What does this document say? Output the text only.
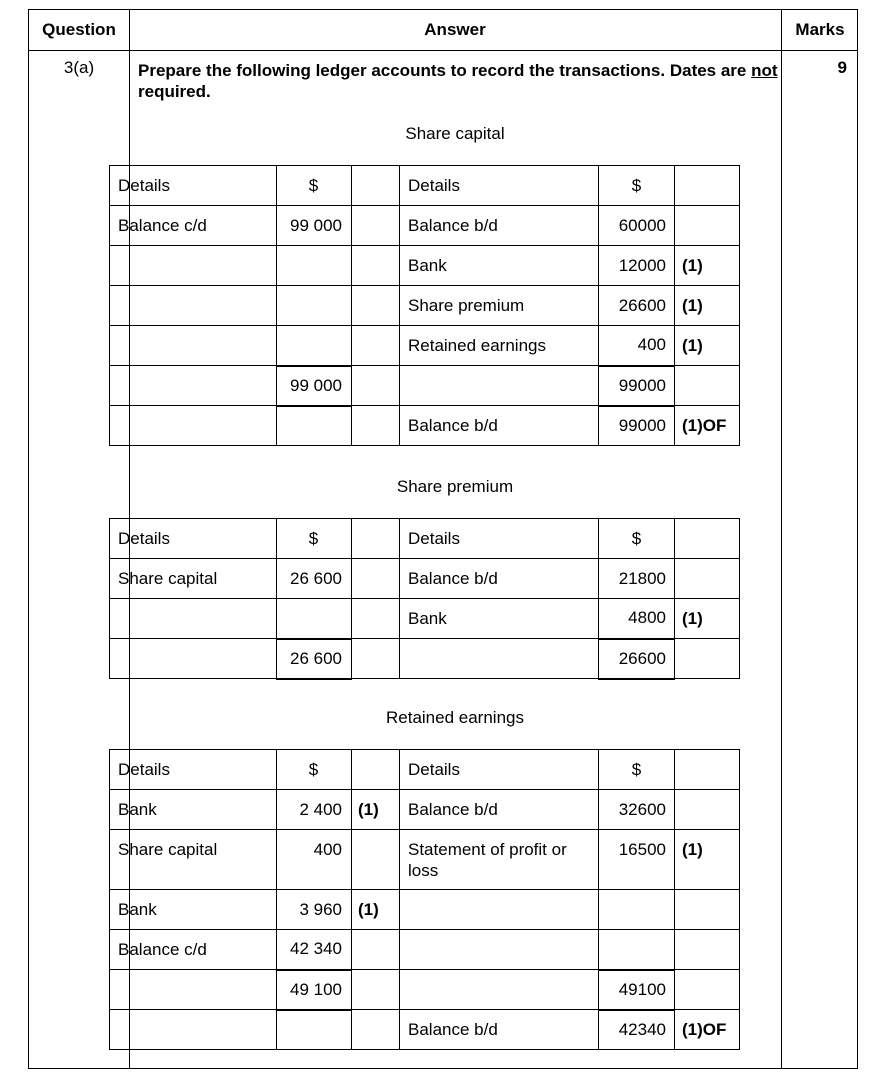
Question	Answer	Marks
3(a)	9
Prepare the following ledger accounts to record the transactions. Dates are not required.
Share capital
Share premium
Retained earnings
Details	$		Details	$	
Balance c/d	99 000		Balance b/d	60000	
			Bank	12000	(1)
			Share premium	26600	(1)
			Retained earnings	400	(1)
	99 000			99000	
			Balance b/d	99000	(1)OF
Details	$		Details	$	
Share capital	26 600		Balance b/d	21800	
			Bank	4800	(1)
	26 600			26600	
Details	$		Details	$	
Bank	2 400	(1)	Balance b/d	32600	
Share capital	400		Statement of profit or loss	16500	(1)
Bank	3 960	(1)			
Balance c/d	42 340				
	49 100			49100	
			Balance b/d	42340	(1)OF
